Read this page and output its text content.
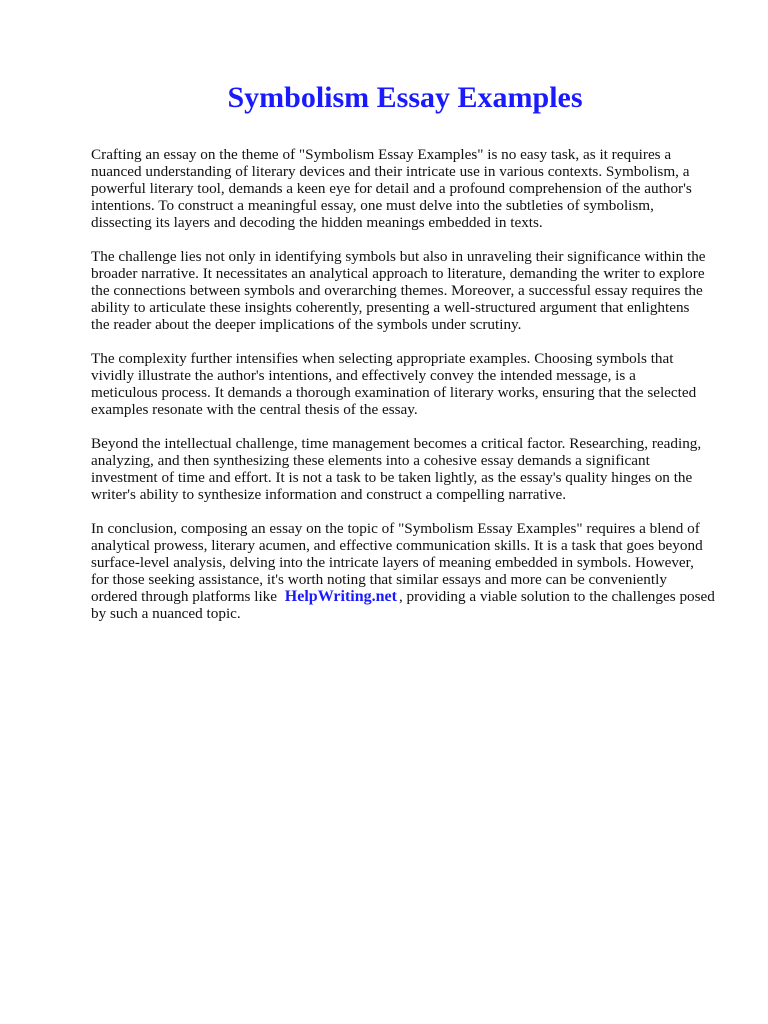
Symbolism Essay Examples

Crafting an essay on the theme of "Symbolism Essay Examples" is no easy task, as it requires a
nuanced understanding of literary devices and their intricate use in various contexts. Symbolism, a
powerful literary tool, demands a keen eye for detail and a profound comprehension of the author's
intentions. To construct a meaningful essay, one must delve into the subtleties of symbolism,
dissecting its layers and decoding the hidden meanings embedded in texts.

The challenge lies not only in identifying symbols but also in unraveling their significance within the
broader narrative. It necessitates an analytical approach to literature, demanding the writer to explore
the connections between symbols and overarching themes. Moreover, a successful essay requires the
ability to articulate these insights coherently, presenting a well-structured argument that enlightens
the reader about the deeper implications of the symbols under scrutiny.

The complexity further intensifies when selecting appropriate examples. Choosing symbols that
vividly illustrate the author's intentions, and effectively convey the intended message, is a
meticulous process. It demands a thorough examination of literary works, ensuring that the selected
examples resonate with the central thesis of the essay.

Beyond the intellectual challenge, time management becomes a critical factor. Researching, reading,
analyzing, and then synthesizing these elements into a cohesive essay demands a significant
investment of time and effort. It is not a task to be taken lightly, as the essay's quality hinges on the
writer's ability to synthesize information and construct a compelling narrative.

In conclusion, composing an essay on the topic of "Symbolism Essay Examples" requires a blend of
analytical prowess, literary acumen, and effective communication skills. It is a task that goes beyond
surface-level analysis, delving into the intricate layers of meaning embedded in symbols. However,
for those seeking assistance, it's worth noting that similar essays and more can be conveniently
ordered through platforms like HelpWriting.net , providing a viable solution to the challenges posed
by such a nuanced topic.
